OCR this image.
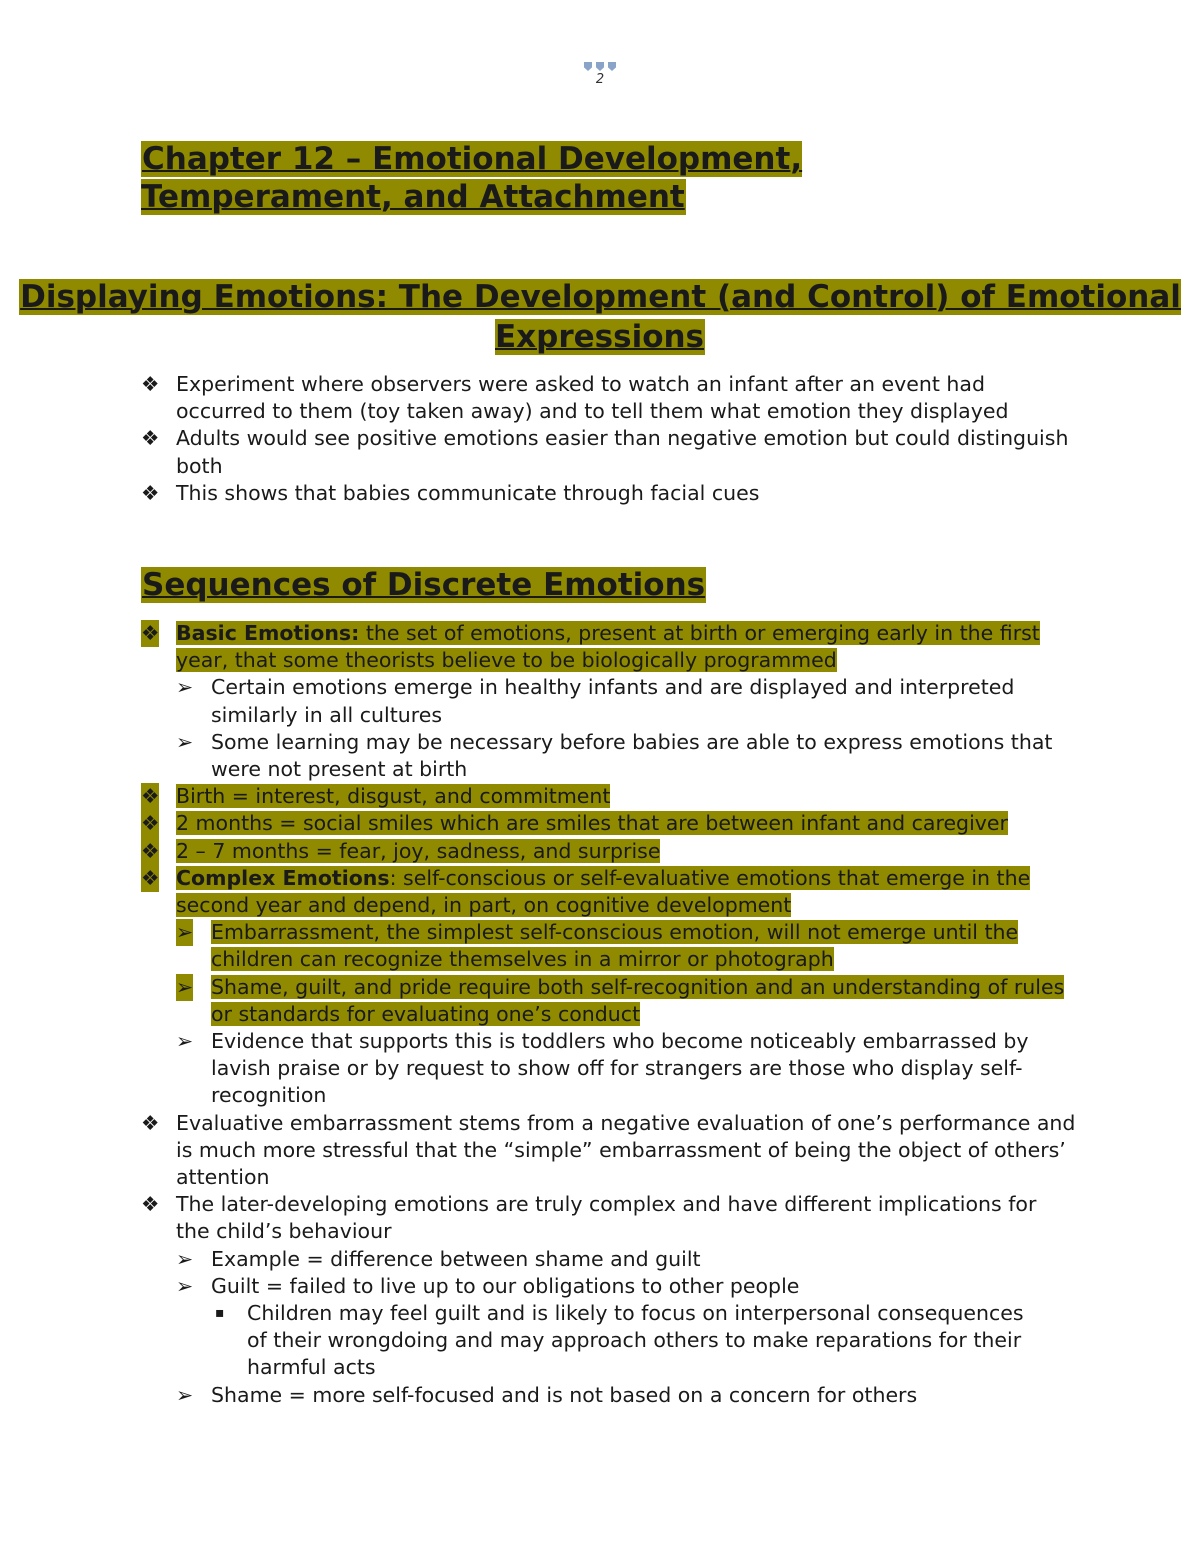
2
Chapter 12 – Emotional Development, Temperament, and Attachment
Displaying Emotions: The Development (and Control) of Emotional Expressions
❖ Experiment where observers were asked to watch an infant after an event had occurred to them (toy taken away) and to tell them what emotion they displayed
❖ Adults would see positive emotions easier than negative emotion but could distinguish both
❖ This shows that babies communicate through facial cues
Sequences of Discrete Emotions
❖ Basic Emotions: the set of emotions, present at birth or emerging early in the first year, that some theorists believe to be biologically programmed
➢ Certain emotions emerge in healthy infants and are displayed and interpreted similarly in all cultures
➢ Some learning may be necessary before babies are able to express emotions that were not present at birth
❖ Birth = interest, disgust, and commitment
❖ 2 months = social smiles which are smiles that are between infant and caregiver
❖ 2 – 7 months = fear, joy, sadness, and surprise
❖ Complex Emotions: self-conscious or self-evaluative emotions that emerge in the second year and depend, in part, on cognitive development
➢ Embarrassment, the simplest self-conscious emotion, will not emerge until the children can recognize themselves in a mirror or photograph
➢ Shame, guilt, and pride require both self-recognition and an understanding of rules or standards for evaluating one’s conduct
➢ Evidence that supports this is toddlers who become noticeably embarrassed by lavish praise or by request to show off for strangers are those who display self-recognition
❖ Evaluative embarrassment stems from a negative evaluation of one’s performance and is much more stressful that the “simple” embarrassment of being the object of others’ attention
❖ The later-developing emotions are truly complex and have different implications for the child’s behaviour
➢ Example = difference between shame and guilt
➢ Guilt = failed to live up to our obligations to other people
▪ Children may feel guilt and is likely to focus on interpersonal consequences of their wrongdoing and may approach others to make reparations for their harmful acts
➢ Shame = more self-focused and is not based on a concern for others
